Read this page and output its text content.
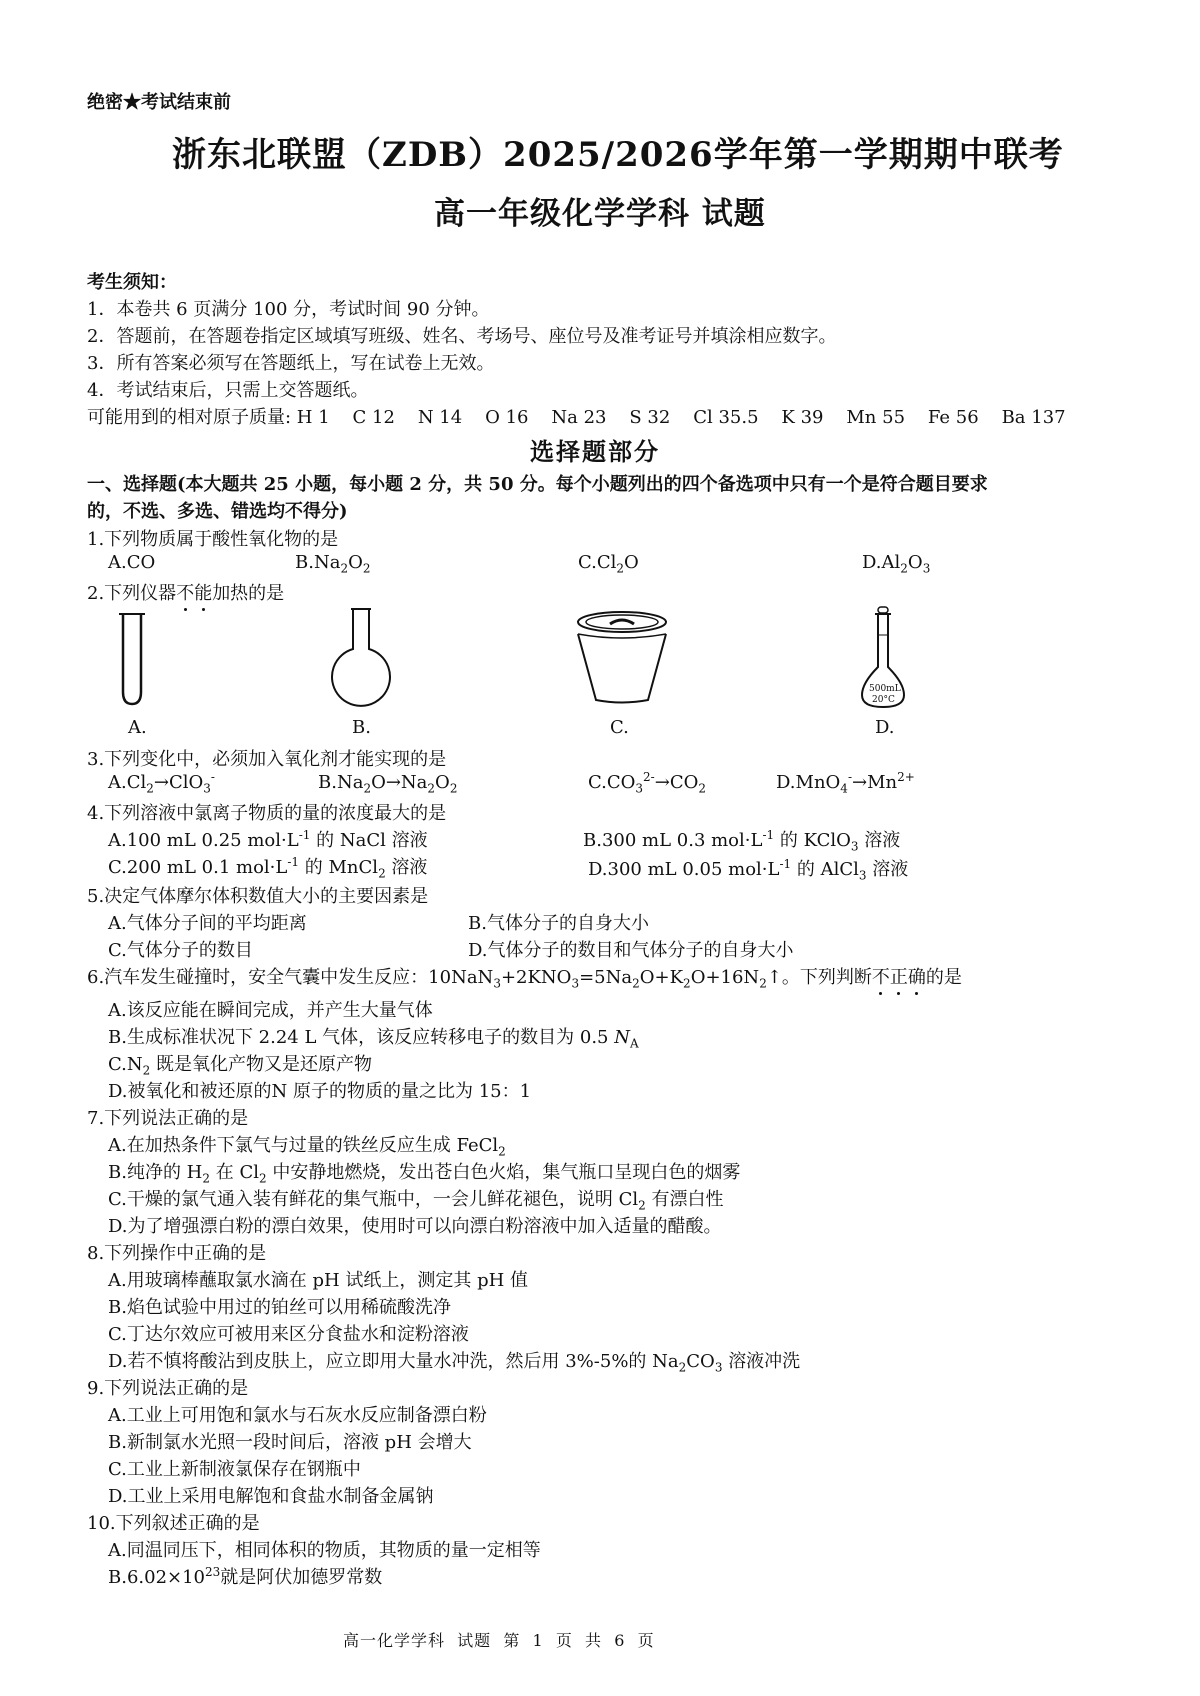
绝密★考试结束前
浙东北联盟（ZDB）2025/2026学年第一学期期中联考
高一年级化学学科 试题
考生须知：
1．本卷共 6 页满分 100 分，考试时间 90 分钟。
2．答题前，在答题卷指定区域填写班级、姓名、考场号、座位号及准考证号并填涂相应数字。
3．所有答案必须写在答题纸上，写在试卷上无效。
4．考试结束后，只需上交答题纸。
可能用到的相对原子质量: H 1    C 12    N 14    O 16    Na 23    S 32    Cl 35.5    K 39    Mn 55    Fe 56    Ba 137
选择题部分
一、选择题(本大题共 25 小题，每小题 2 分，共 50 分。每个小题列出的四个备选项中只有一个是符合题目要求
的，不选、多选、错选均不得分)
1.下列物质属于酸性氧化物的是
A.CO	$B.Na_2O_2$	$C.Cl_2O$	$D.Al_2O_3$
2.下列仪器不能加热的是
500mL
20°C
A.	B.	C.	D.
3.下列变化中，必须加入氧化剂才能实现的是
$A.Cl_2\to ClO_3^-$	$B.Na_2O\to Na_2O_2$	$C.CO_3^{2-}\to CO_2$	$D.MnO_4^-\to Mn^{2+}$
4.下列溶液中氯离子物质的量的浓度最大的是
A.100 mL 0.25 $mol\cdot L^{-1}$ 的 NaCl 溶液	B.300 mL 0.3 $mol\cdot L^{-1}$ 的 KClO$_3$ 溶液
C.200 mL 0.1 $mol\cdot L^{-1}$ 的 MnCl$_2$ 溶液	D.300 mL 0.05 $mol\cdot L^{-1}$ 的 AlCl$_3$ 溶液
5.决定气体摩尔体积数值大小的主要因素是
A.气体分子间的平均距离	B.气体分子的自身大小
C.气体分子的数目	D.气体分子的数目和气体分子的自身大小
6.汽车发生碰撞时，安全气囊中发生反应：$10NaN_3+2KNO_3=5Na_2O+K_2O+16N_2↑$。下列判断不正确的是
A.该反应能在瞬间完成，并产生大量气体
B.生成标准状况下 2.24 L 气体，该反应转移电子的数目为 0.5 $N_A$
$C.N_2$ 既是氧化产物又是还原产物
D.被氧化和被还原的N 原子的物质的量之比为 15：1
7.下列说法正确的是
A.在加热条件下氯气与过量的铁丝反应生成 FeCl$_2$
B.纯净的 $H_2$ 在 $Cl_2$ 中安静地燃烧，发出苍白色火焰，集气瓶口呈现白色的烟雾
C.干燥的氯气通入装有鲜花的集气瓶中，一会儿鲜花褪色，说明 $Cl_2$ 有漂白性
D.为了增强漂白粉的漂白效果，使用时可以向漂白粉溶液中加入适量的醋酸。
8.下列操作中正确的是
A.用玻璃棒蘸取氯水滴在 pH 试纸上，测定其 pH 值
B.焰色试验中用过的铂丝可以用稀硫酸洗净
C.丁达尔效应可被用来区分食盐水和淀粉溶液
D.若不慎将酸沾到皮肤上，应立即用大量水冲洗，然后用 3%-5%的 $Na_2CO_3$ 溶液冲洗
9.下列说法正确的是
A.工业上可用饱和氯水与石灰水反应制备漂白粉
B.新制氯水光照一段时间后，溶液 pH 会增大
C.工业上新制液氯保存在钢瓶中
D.工业上采用电解饱和食盐水制备金属钠
10.下列叙述正确的是
A.同温同压下，相同体积的物质，其物质的量一定相等
$B.6.02\times 10^{23}$就是阿伏加德罗常数
高一化学学科  试题  第  1  页  共  6  页
